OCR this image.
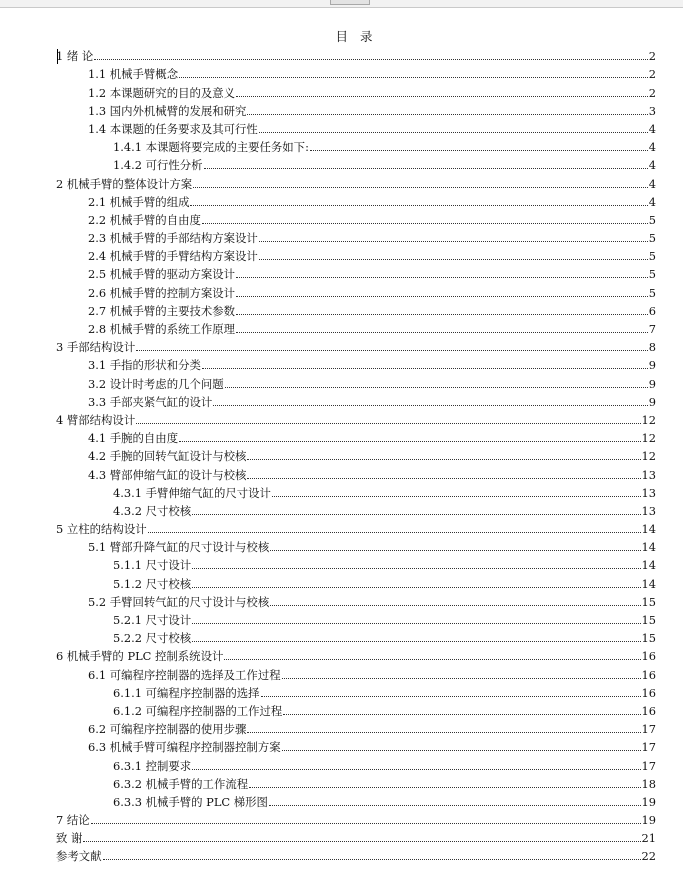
目 录
1 绪 论	2
1.1 机械手臂概念	2
1.2 本课题研究的目的及意义	2
1.3 国内外机械臂的发展和研究	3
1.4 本课题的任务要求及其可行性	4
1.4.1 本课题将要完成的主要任务如下:	4
1.4.2 可行性分析	4
2 机械手臂的整体设计方案	4
2.1 机械手臂的组成	4
2.2 机械手臂的自由度	5
2.3 机械手臂的手部结构方案设计	5
2.4 机械手臂的手臂结构方案设计	5
2.5 机械手臂的驱动方案设计	5
2.6 机械手臂的控制方案设计	5
2.7 机械手臂的主要技术参数	6
2.8 机械手臂的系统工作原理	7
3 手部结构设计	8
3.1 手指的形状和分类	9
3.2 设计时考虑的几个问题	9
3.3 手部夹紧气缸的设计	9
4 臂部结构设计	12
4.1 手腕的自由度	12
4.2 手腕的回转气缸设计与校核	12
4.3 臂部伸缩气缸的设计与校核	13
4.3.1 手臂伸缩气缸的尺寸设计	13
4.3.2 尺寸校核	13
5 立柱的结构设计	14
5.1 臂部升降气缸的尺寸设计与校核	14
5.1.1 尺寸设计	14
5.1.2 尺寸校核	14
5.2 手臂回转气缸的尺寸设计与校核	15
5.2.1 尺寸设计	15
5.2.2 尺寸校核	15
6 机械手臂的 PLC 控制系统设计	16
6.1 可编程序控制器的选择及工作过程	16
6.1.1 可编程序控制器的选择	16
6.1.2 可编程序控制器的工作过程	16
6.2 可编程序控制器的使用步骤	17
6.3 机械手臂可编程序控制器控制方案	17
6.3.1 控制要求	17
6.3.2 机械手臂的工作流程	18
6.3.3 机械手臂的 PLC 梯形图	19
7 结论	19
致 谢	21
参考文献	22
